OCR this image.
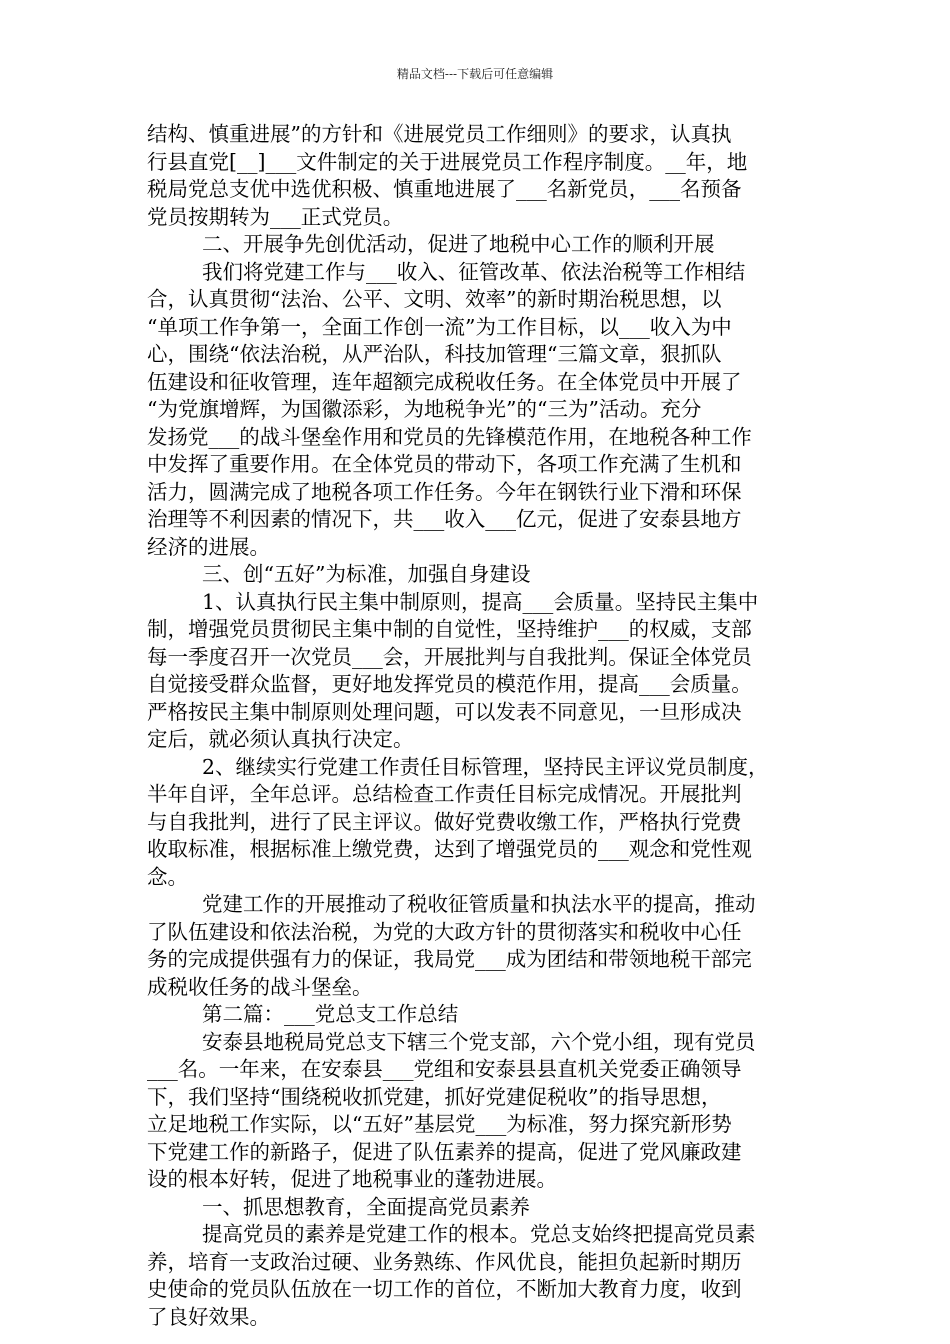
精品文档---下载后可任意编辑
结构、慎重进展”的方针和《进展党员工作细则》的要求，认真执
行县直党[__]___文件制定的关于进展党员工作程序制度。__年，地
税局党总支优中选优积极、慎重地进展了___名新党员，___名预备
党员按期转为___正式党员。
二、开展争先创优活动，促进了地税中心工作的顺利开展
我们将党建工作与___收入、征管改革、依法治税等工作相结
合，认真贯彻“法治、公平、文明、效率”的新时期治税思想，以
“单项工作争第一，全面工作创一流”为工作目标，以___收入为中
心，围绕“依法治税，从严治队，科技加管理“三篇文章，狠抓队
伍建设和征收管理，连年超额完成税收任务。在全体党员中开展了
“为党旗增辉，为国徽添彩，为地税争光”的“三为”活动。充分
发扬党___的战斗堡垒作用和党员的先锋模范作用，在地税各种工作
中发挥了重要作用。在全体党员的带动下，各项工作充满了生机和
活力，圆满完成了地税各项工作任务。今年在钢铁行业下滑和环保
治理等不利因素的情况下，共___收入___亿元，促进了安泰县地方
经济的进展。
三、创“五好”为标准，加强自身建设
1、认真执行民主集中制原则，提高___会质量。坚持民主集中
制，增强党员贯彻民主集中制的自觉性，坚持维护___的权威，支部
每一季度召开一次党员___会，开展批判与自我批判。保证全体党员
自觉接受群众监督，更好地发挥党员的模范作用，提高___会质量。
严格按民主集中制原则处理问题，可以发表不同意见，一旦形成决
定后，就必须认真执行决定。
2、继续实行党建工作责任目标管理，坚持民主评议党员制度，
半年自评，全年总评。总结检查工作责任目标完成情况。开展批判
与自我批判，进行了民主评议。做好党费收缴工作，严格执行党费
收取标准，根据标准上缴党费，达到了增强党员的___观念和党性观
念。
党建工作的开展推动了税收征管质量和执法水平的提高，推动
了队伍建设和依法治税，为党的大政方针的贯彻落实和税收中心任
务的完成提供强有力的保证，我局党___成为团结和带领地税干部完
成税收任务的战斗堡垒。
第二篇：___党总支工作总结
安泰县地税局党总支下辖三个党支部，六个党小组，现有党员
___名。一年来，在安泰县___党组和安泰县县直机关党委正确领导
下，我们坚持“围绕税收抓党建，抓好党建促税收”的指导思想，
立足地税工作实际，以“五好”基层党___为标准，努力探究新形势
下党建工作的新路子，促进了队伍素养的提高，促进了党风廉政建
设的根本好转，促进了地税事业的蓬勃进展。
一、抓思想教育，全面提高党员素养
提高党员的素养是党建工作的根本。党总支始终把提高党员素
养，培育一支政治过硬、业务熟练、作风优良，能担负起新时期历
史使命的党员队伍放在一切工作的首位，不断加大教育力度，收到
了良好效果。
